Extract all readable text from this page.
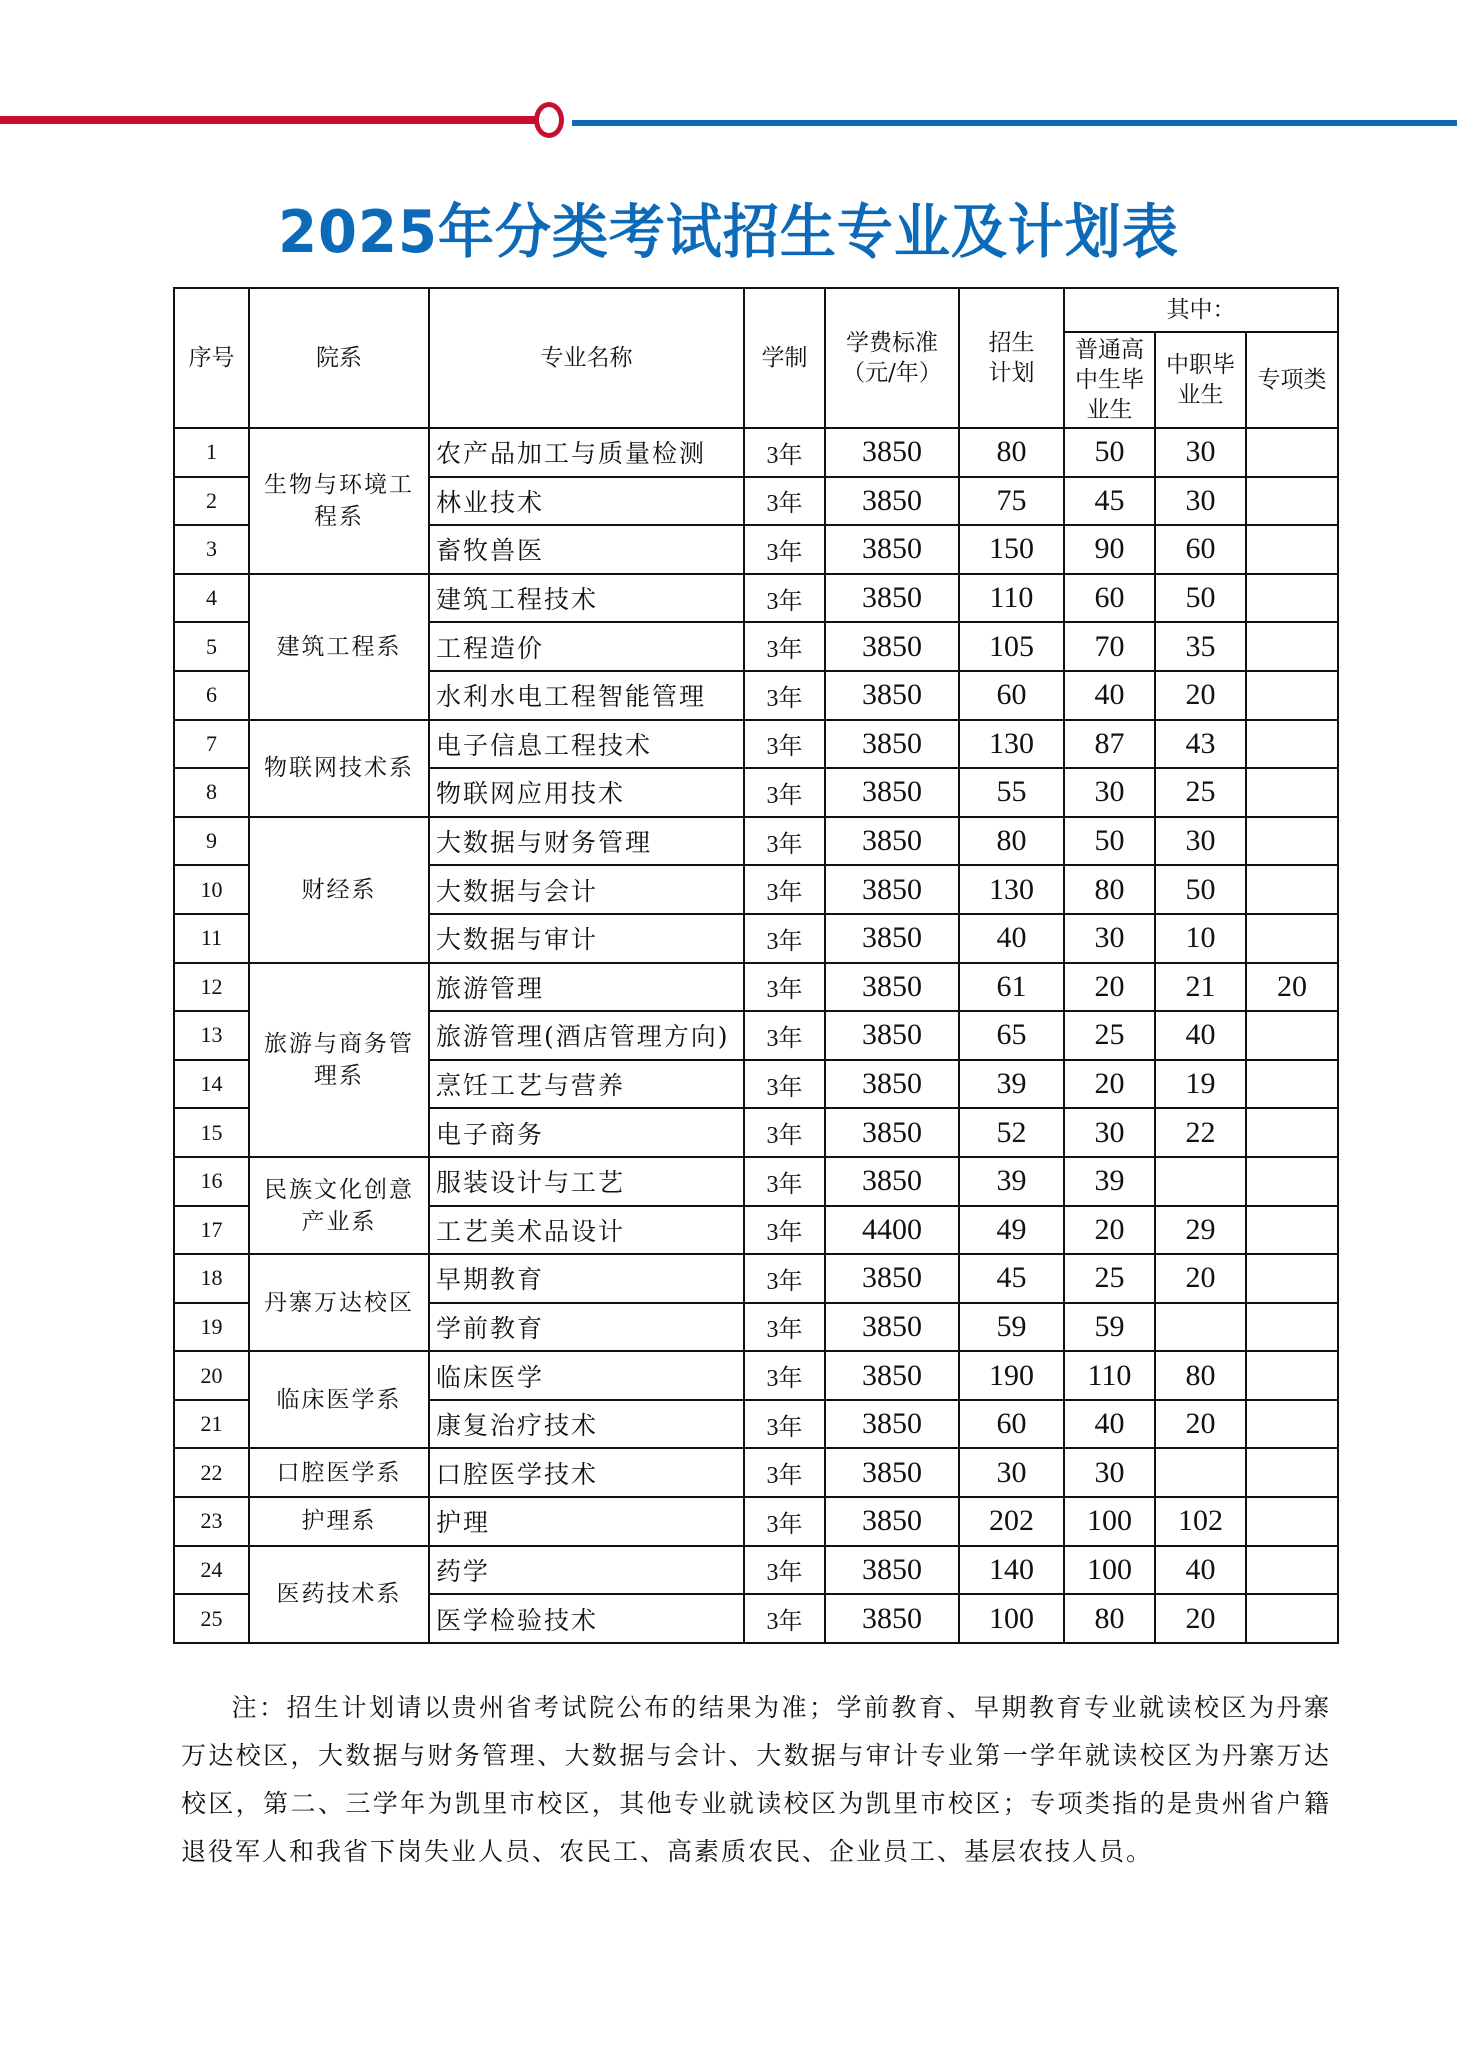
2025年分类考试招生专业及计划表
序号	院系	专业名称	学制	学费标准（元/年）	招生计划	其中：		
						普通高中生毕业生	中职毕业生	专项类
1	生物与环境工程系	农产品加工与质量检测	3年	3850	80	50	30	
2		林业技术	3年	3850	75	45	30	
3		畜牧兽医	3年	3850	150	90	60	
4	建筑工程系	建筑工程技术	3年	3850	110	60	50	
5		工程造价	3年	3850	105	70	35	
6		水利水电工程智能管理	3年	3850	60	40	20	
7	物联网技术系	电子信息工程技术	3年	3850	130	87	43	
8		物联网应用技术	3年	3850	55	30	25	
9	财经系	大数据与财务管理	3年	3850	80	50	30	
10		大数据与会计	3年	3850	130	80	50	
11		大数据与审计	3年	3850	40	30	10	
12	旅游与商务管理系	旅游管理	3年	3850	61	20	21	20
13		旅游管理(酒店管理方向)	3年	3850	65	25	40	
14		烹饪工艺与营养	3年	3850	39	20	19	
15		电子商务	3年	3850	52	30	22	
16	民族文化创意产业系	服装设计与工艺	3年	3850	39	39		
17		工艺美术品设计	3年	4400	49	20	29	
18	丹寨万达校区	早期教育	3年	3850	45	25	20	
19		学前教育	3年	3850	59	59		
20	临床医学系	临床医学	3年	3850	190	110	80	
21		康复治疗技术	3年	3850	60	40	20	
22	口腔医学系	口腔医学技术	3年	3850	30	30		
23	护理系	护理	3年	3850	202	100	102	
24	医药技术系	药学	3年	3850	140	100	40	
25		医学检验技术	3年	3850	100	80	20	
注：招生计划请以贵州省考试院公布的结果为准；学前教育、早期教育专业就读校区为丹寨万达校区，大数据与财务管理、大数据与会计、大数据与审计专业第一学年就读校区为丹寨万达校区，第二、三学年为凯里市校区，其他专业就读校区为凯里市校区；专项类指的是贵州省户籍退役军人和我省下岗失业人员、农民工、高素质农民、企业员工、基层农技人员。
